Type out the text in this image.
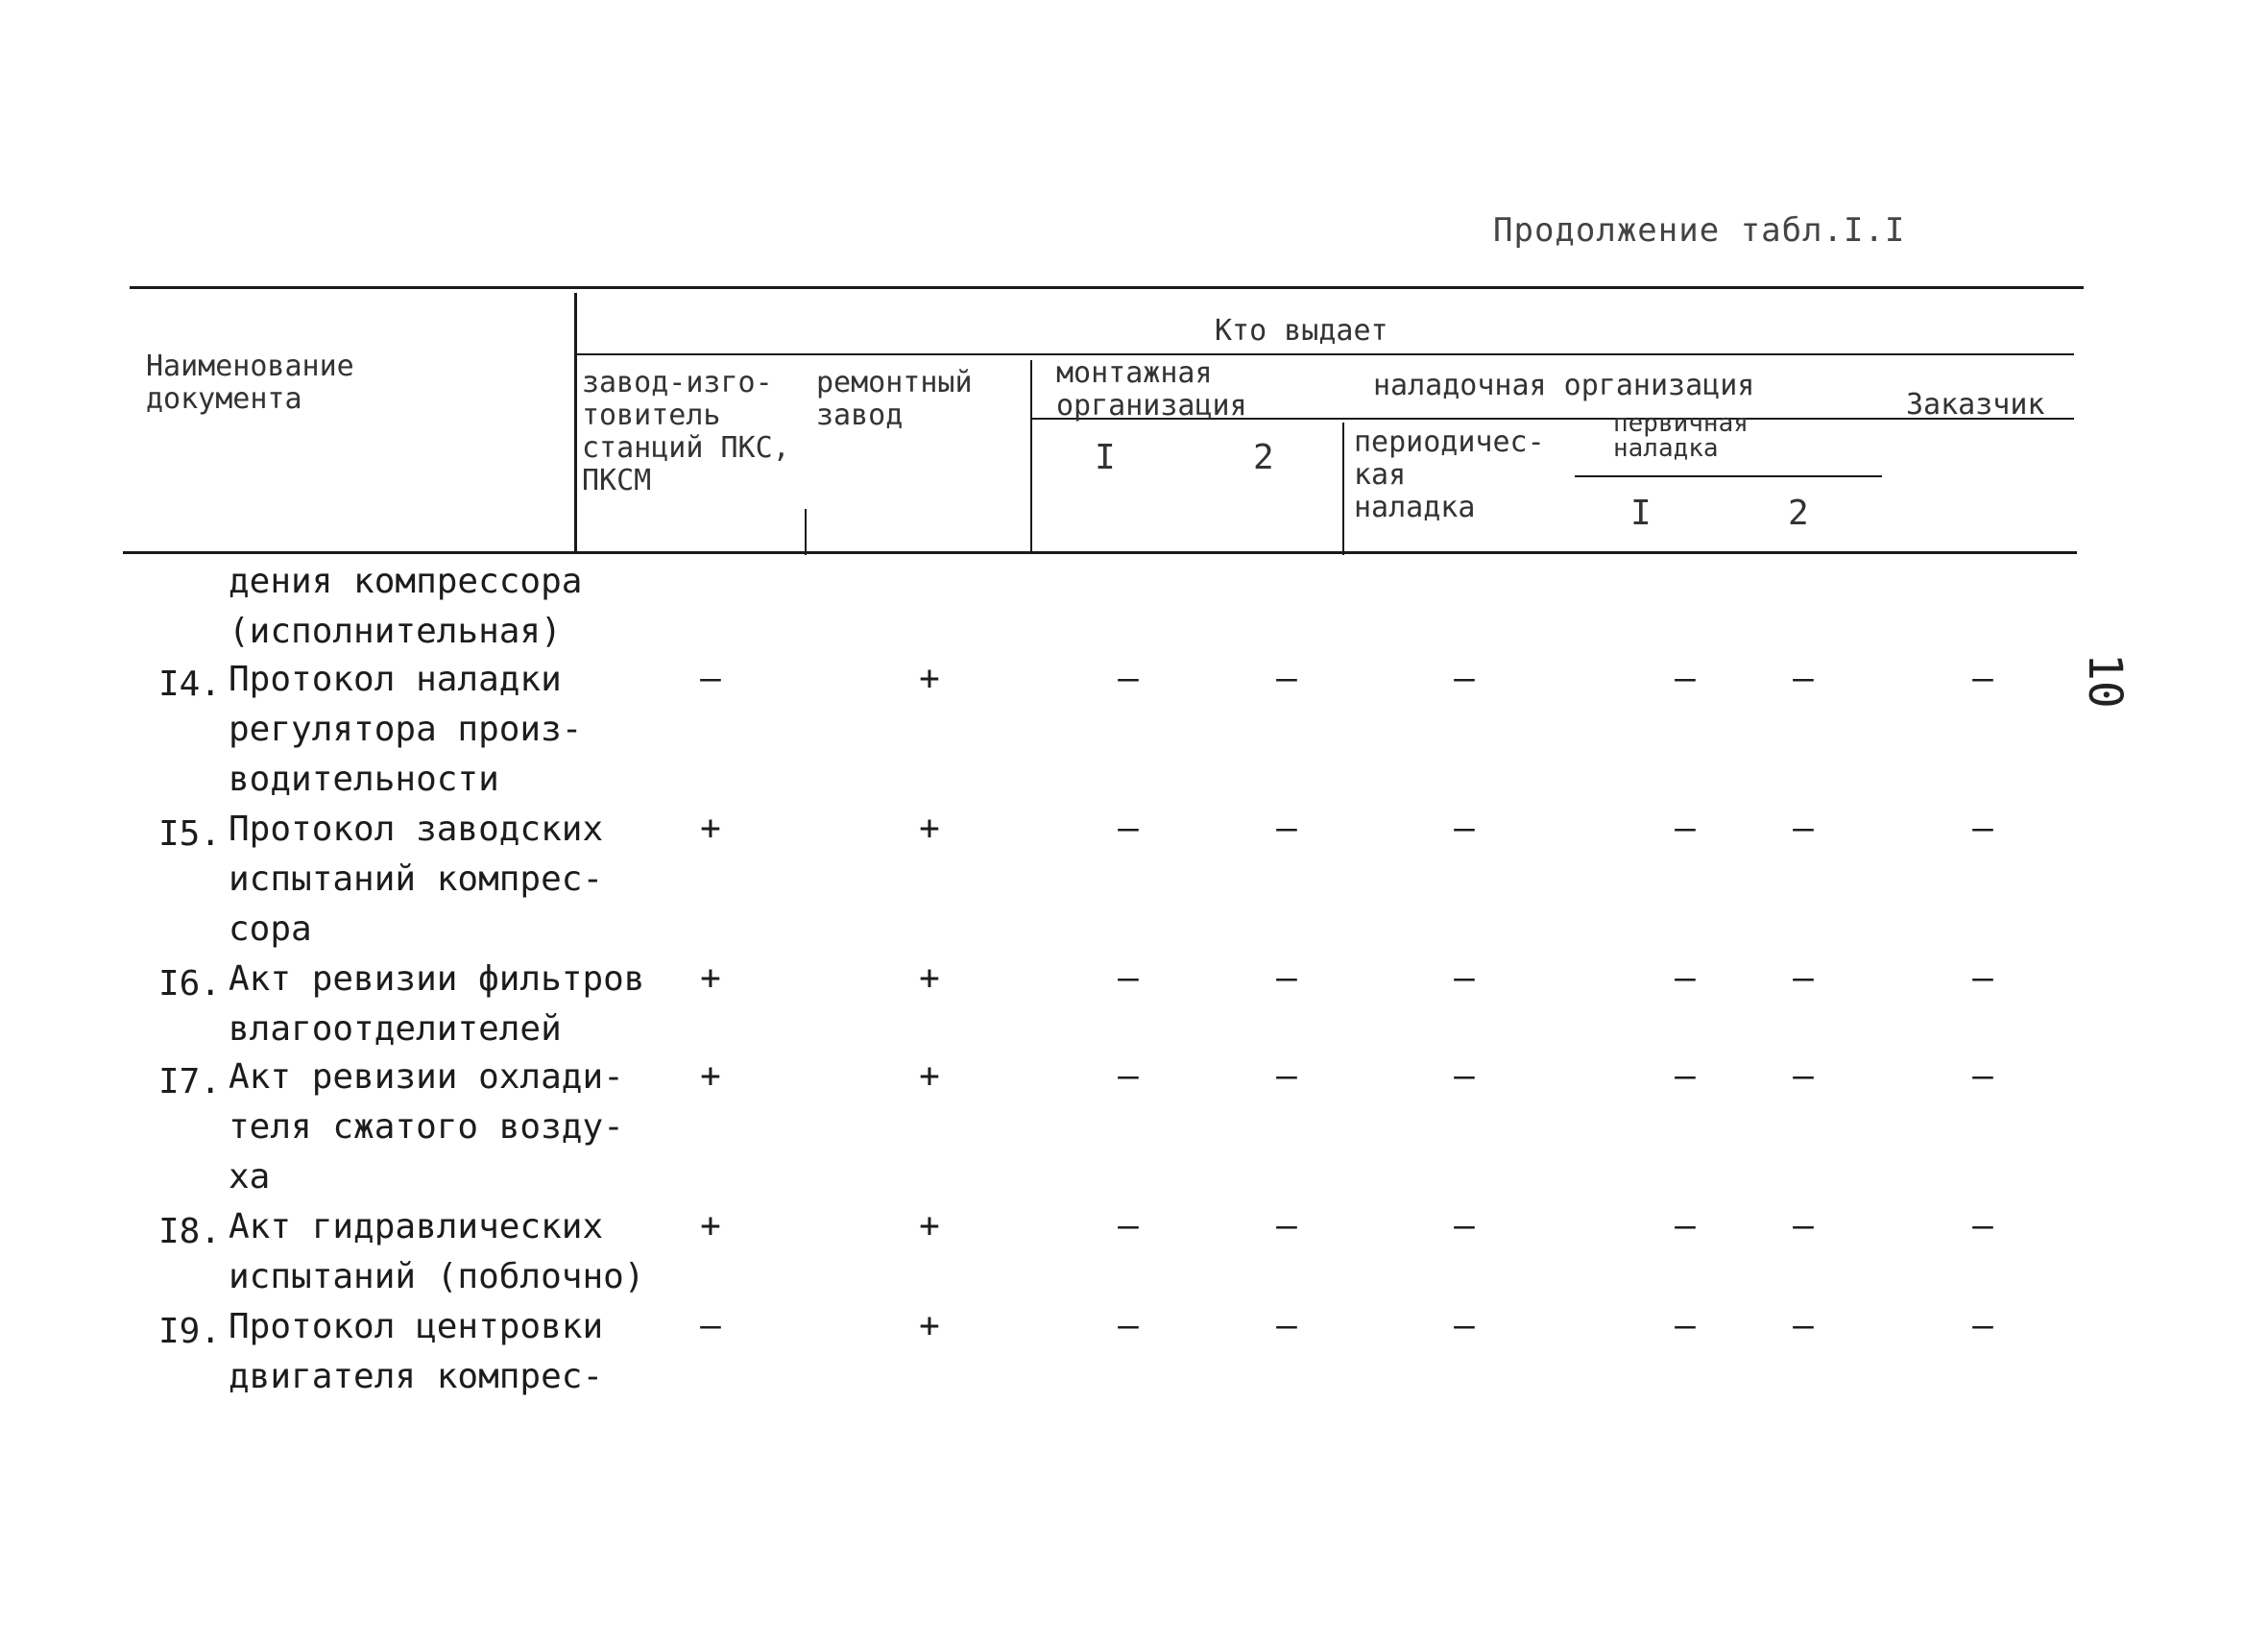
Продолжение табл.I.I
Наименование
документа
Кто выдает
завод-изго-
товитель
станций ПКС,
ПКСМ
ремонтный
завод
монтажная
организация
I	2
наладочная организация
периодичес-
кая
наладка
первичная
наладка
I	2
Заказчик
10
дения компрессора
(исполнительная)
I4. Протокол наладки
регулятора произ-
водительности
–	+	–	–	–	–	–	–
I5. Протокол заводских
испытаний компрес-
сора
+	+	–	–	–	–	–	–
I6. Акт ревизии фильтров
влагоотделителей
+	+	–	–	–	–	–	–
I7. Акт ревизии охлади-
теля сжатого возду-
ха
+	+	–	–	–	–	–	–
I8. Акт гидравлических
испытаний (поблочно)
+	+	–	–	–	–	–	–
I9. Протокол центровки
двигателя компрес-
–	+	–	–	–	–	–	–
